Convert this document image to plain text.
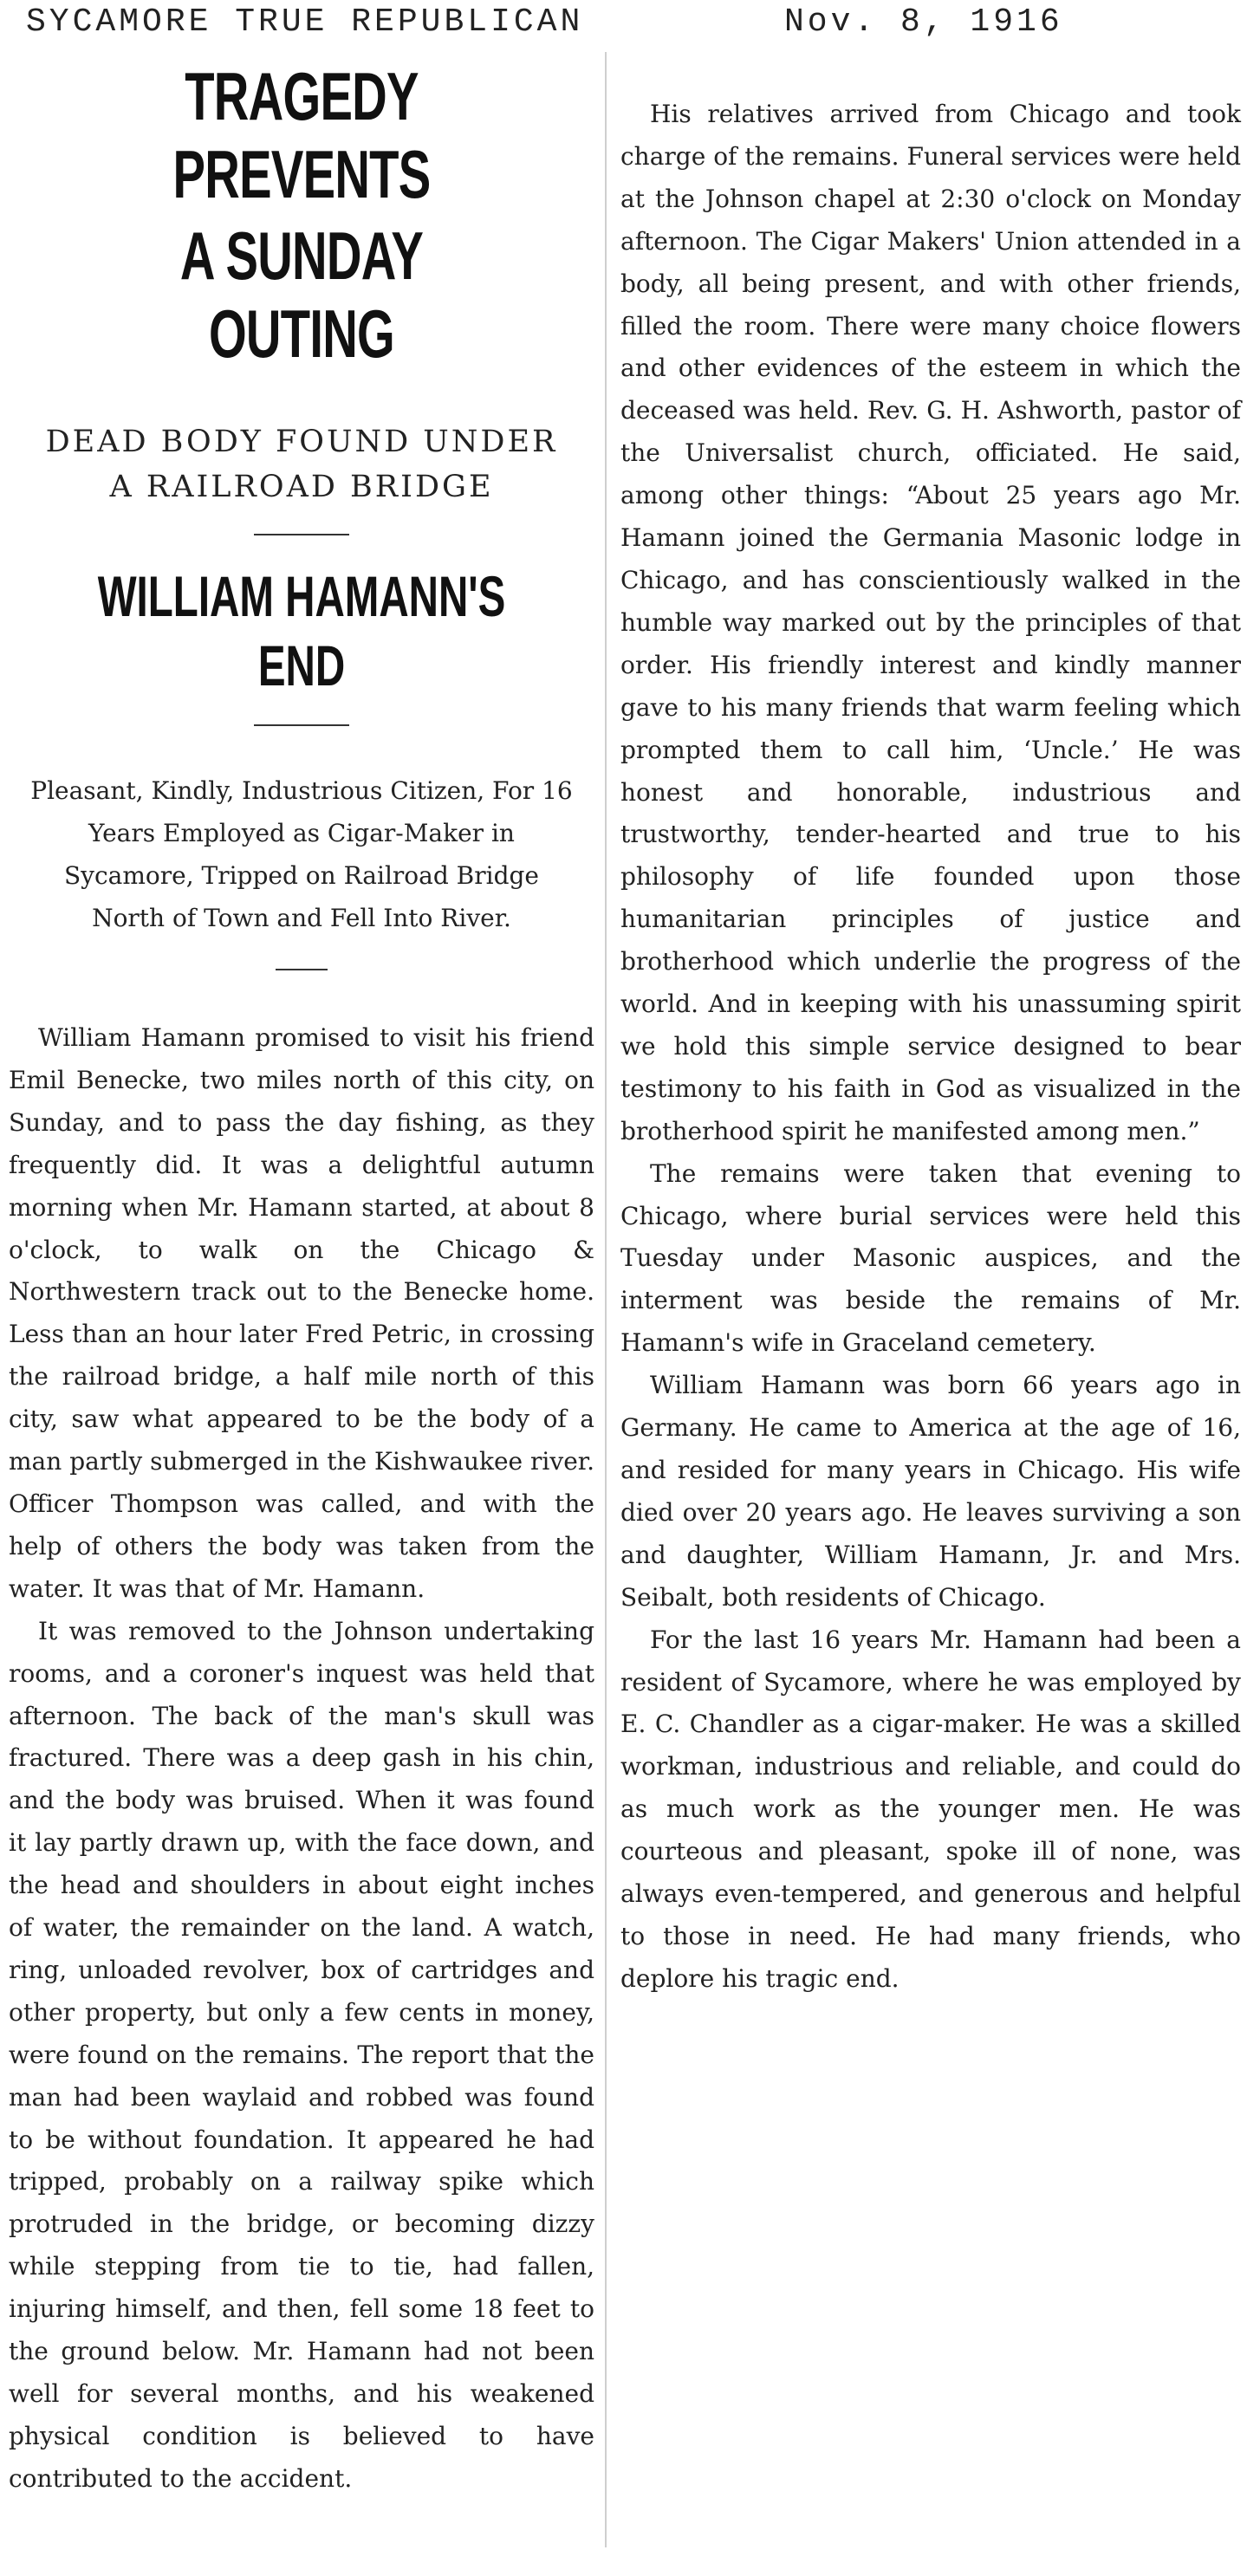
SYCAMORE TRUE REPUBLICAN	Nov. 8, 1916
TRAGEDY PREVENTS
A SUNDAY OUTING
DEAD BODY FOUND UNDER
A RAILROAD BRIDGE
WILLIAM HAMANN'S END
Pleasant, Kindly, Industrious Citizen, For 16 Years Employed as Cigar-Maker in Sycamore, Tripped on Railroad Bridge North of Town and Fell Into River.

William Hamann promised to visit his friend Emil Benecke, two miles north of this city, on Sunday, and to pass the day fishing, as they frequently did. It was a delightful autumn morning when Mr. Hamann started, at about 8 o'clock, to walk on the Chicago & Northwestern track out to the Benecke home. Less than an hour later Fred Petric, in crossing the railroad bridge, a half mile north of this city, saw what appeared to be the body of a man partly submerged in the Kishwaukee river. Officer Thompson was called, and with the help of others the body was taken from the water. It was that of Mr. Hamann.

It was removed to the Johnson undertaking rooms, and a coroner's inquest was held that afternoon. The back of the man's skull was fractured. There was a deep gash in his chin, and the body was bruised. When it was found it lay partly drawn up, with the face down, and the head and shoulders in about eight inches of water, the remainder on the land. A watch, ring, unloaded revolver, box of cartridges and other property, but only a few cents in money, were found on the remains. The report that the man had been waylaid and robbed was found to be without foundation. It appeared he had tripped, probably on a railway spike which protruded in the bridge, or becoming dizzy while stepping from tie to tie, had fallen, injuring himself, and then, fell some 18 feet to the ground below. Mr. Hamann had not been well for several months, and his weakened physical condition is believed to have contributed to the accident.

His relatives arrived from Chicago and took charge of the remains. Funeral services were held at the Johnson chapel at 2:30 o'clock on Monday afternoon. The Cigar Makers' Union attended in a body, all being present, and with other friends, filled the room. There were many choice flowers and other evidences of the esteem in which the deceased was held. Rev. G. H. Ashworth, pastor of the Universalist church, officiated. He said, among other things: “About 25 years ago Mr. Hamann joined the Germania Masonic lodge in Chicago, and has conscientiously walked in the humble way marked out by the principles of that order. His friendly interest and kindly manner gave to his many friends that warm feeling which prompted them to call him, ‘Uncle.’ He was honest and honorable, industrious and trustworthy, tender-hearted and true to his philosophy of life founded upon those humanitarian principles of justice and brotherhood which underlie the progress of the world. And in keeping with his unassuming spirit we hold this simple service designed to bear testimony to his faith in God as visualized in the brotherhood spirit he manifested among men.”

The remains were taken that evening to Chicago, where burial services were held this Tuesday under Masonic auspices, and the interment was beside the remains of Mr. Hamann's wife in Graceland cemetery.

William Hamann was born 66 years ago in Germany. He came to America at the age of 16, and resided for many years in Chicago. His wife died over 20 years ago. He leaves surviving a son and daughter, William Hamann, Jr. and Mrs. Seibalt, both residents of Chicago.

For the last 16 years Mr. Hamann had been a resident of Sycamore, where he was employed by E. C. Chandler as a cigar-maker. He was a skilled workman, industrious and reliable, and could do as much work as the younger men. He was courteous and pleasant, spoke ill of none, was always even-tempered, and generous and helpful to those in need. He had many friends, who deplore his tragic end.
